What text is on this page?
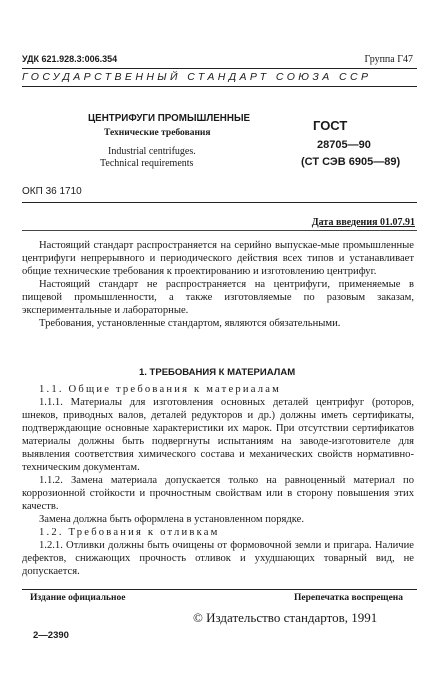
УДК 621.928.3:006.354	Группа Г47
ГОСУДАРСТВЕННЫЙ СТАНДАРТ СОЮЗА ССР
ЦЕНТРИФУГИ ПРОМЫШЛЕННЫЕ
Технические требования
Industrial centrifuges.
Technical requirements
ГОСТ
28705—90
(СТ СЭВ 6905—89)
ОКП 36 1710
Дата введения 01.07.91

Настоящий стандарт распространяется на серийно выпускае-мые промышленные центрифуги непрерывного и периодического действия всех типов и устанавливает общие технические требования к проектированию и изготовлению центрифуг.

Настоящий стандарт не распространяется на центрифуги, применяемые в пищевой промышленности, а также изготовляемые по разовым заказам, экспериментальные и лабораторные.

Требования, установленные стандартом, являются обязательными.

1. ТРЕБОВАНИЯ К МАТЕРИАЛАМ

1.1. Общие требования к материалам

1.1.1. Материалы для изготовления основных деталей центрифуг (роторов, шнеков, приводных валов, деталей редукторов и др.) должны иметь сертификаты, подтверждающие основные характеристики их марок. При отсутствии сертификатов материалы должны быть подвергнуты испытаниям на заводе-изготовителе для выявления соответствия химического состава и механических свойств нормативно-техническим документам.

1.1.2. Замена материала допускается только на равноценный материал по коррозионной стойкости и прочностным свойствам или в сторону повышения этих качеств.

Замена должна быть оформлена в установленном порядке.

1.2. Требования к отливкам

1.2.1. Отливки должны быть очищены от формовочной земли и пригара. Наличие дефектов, снижающих прочность отливок и ухудшающих товарный вид, не допускается.

Издание официальное	Перепечатка воспрещена
© Издательство стандартов, 1991
2—2390
